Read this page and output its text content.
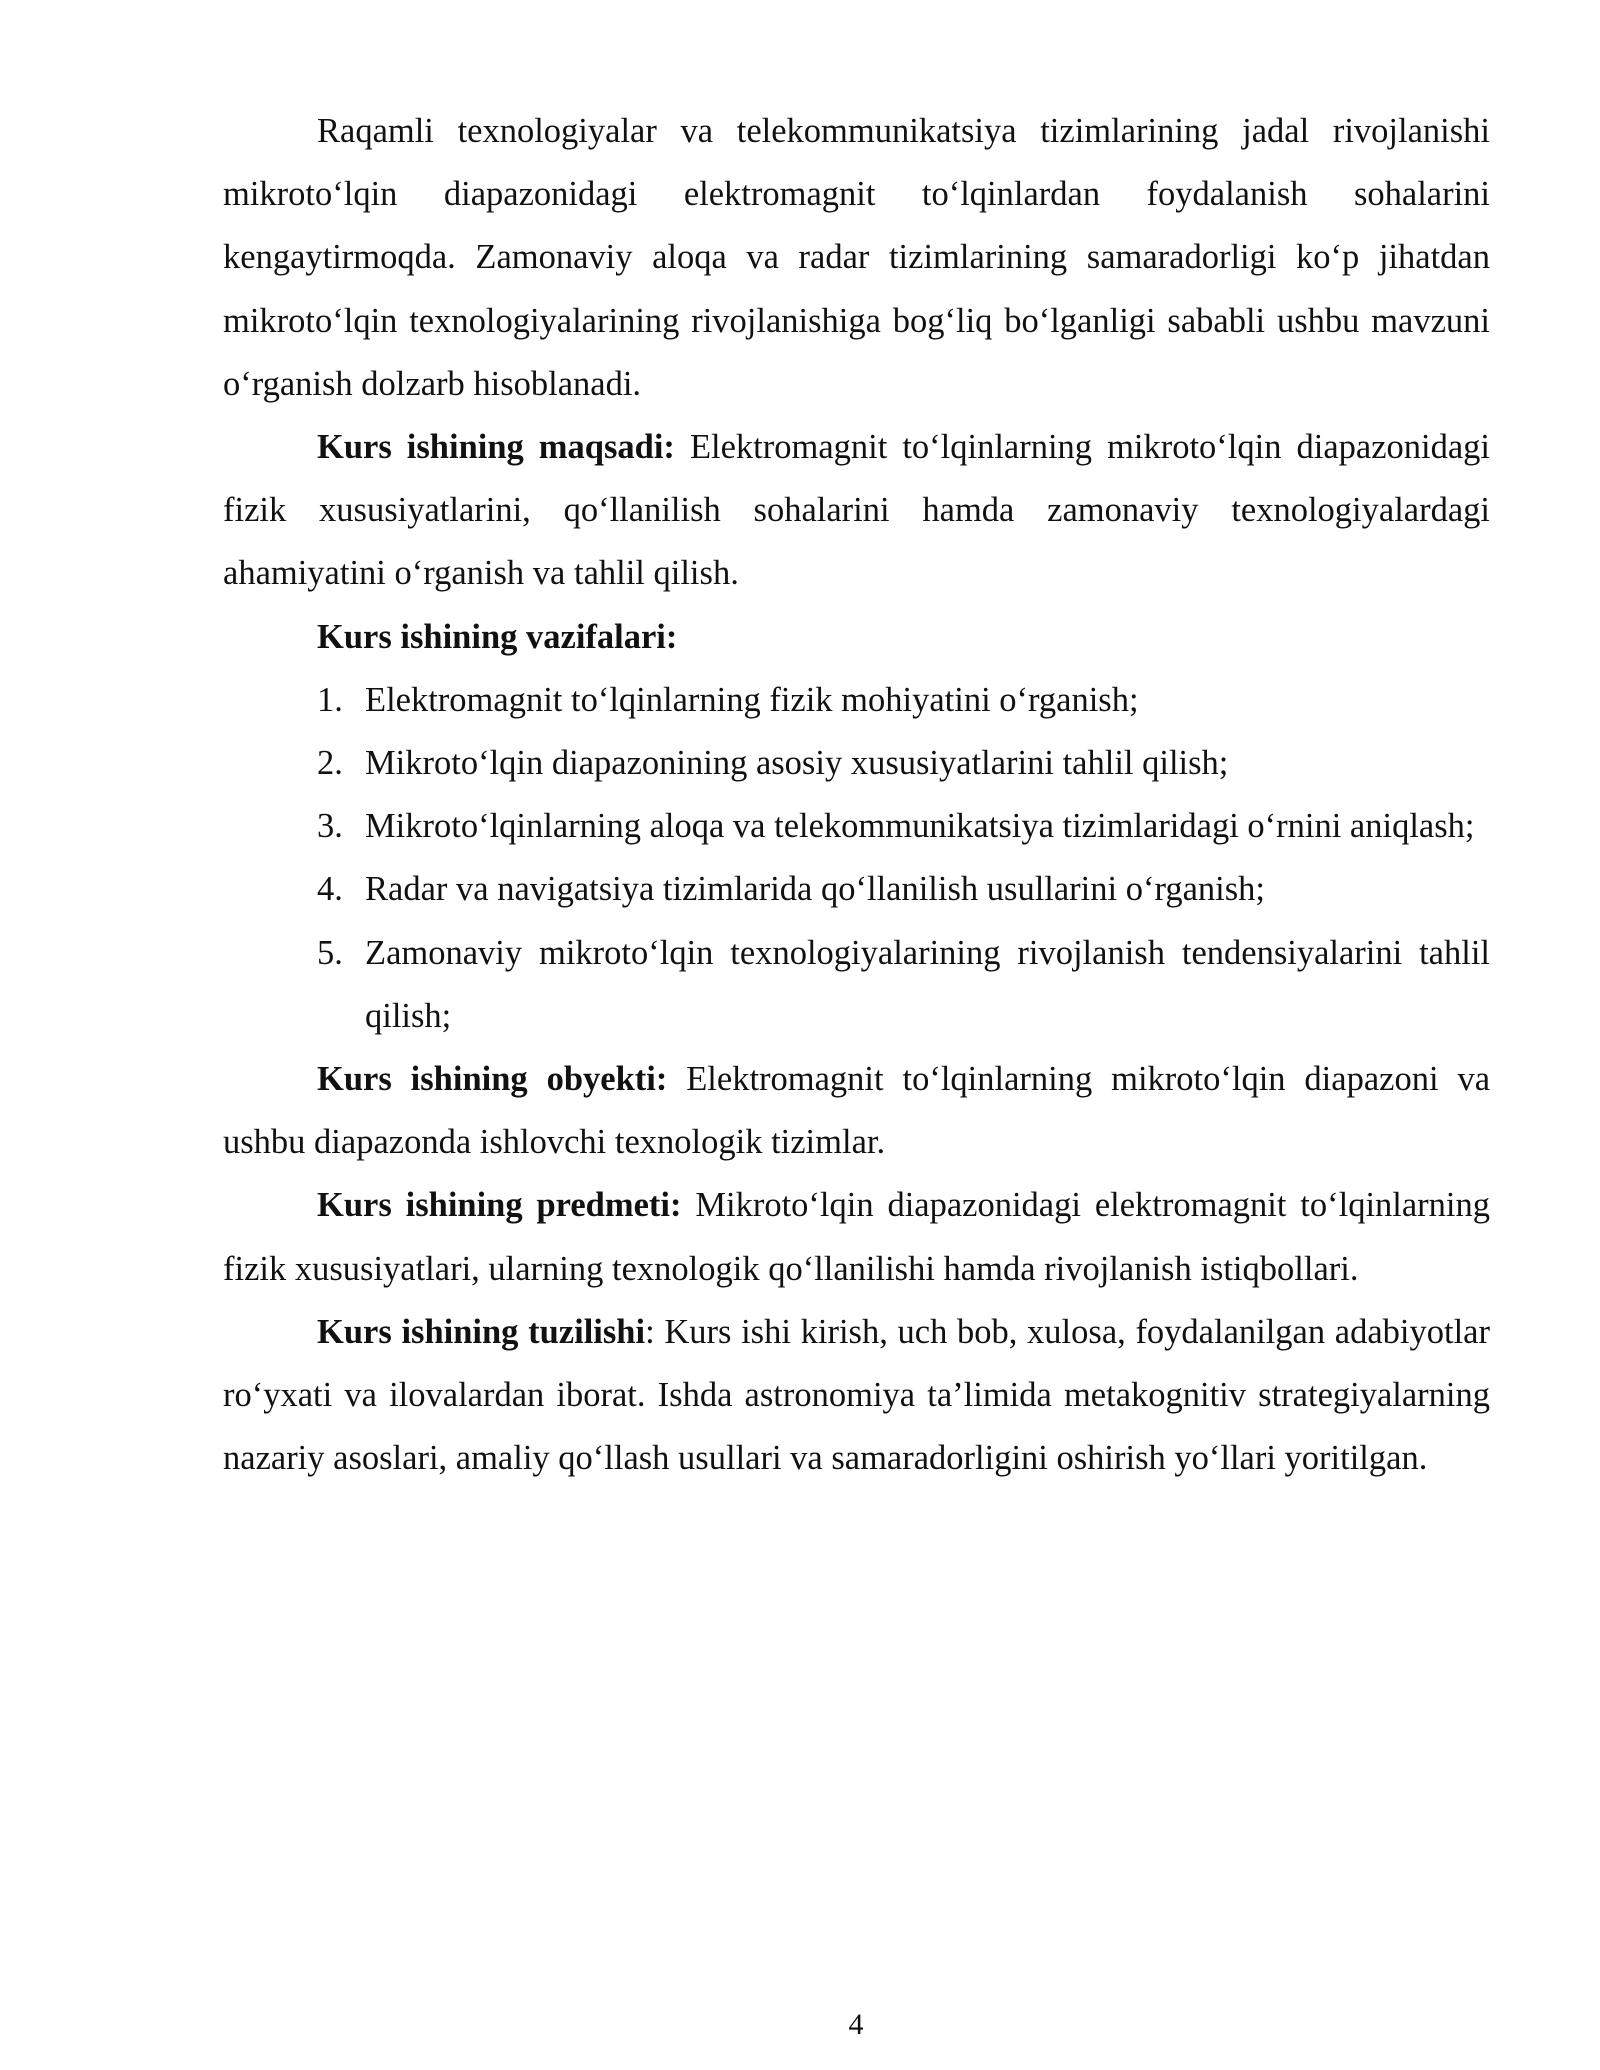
Raqamli texnologiyalar va telekommunikatsiya tizimlarining jadal rivojlanishi mikrotoʻlqin diapazonidagi elektromagnit toʻlqinlardan foydalanish sohalarini kengaytirmoqda. Zamonaviy aloqa va radar tizimlarining samaradorligi koʻp jihatdan mikrotoʻlqin texnologiyalarining rivojlanishiga bogʻliq boʻlganligi sababli ushbu mavzuni oʻrganish dolzarb hisoblanadi.

Kurs ishining maqsadi: Elektromagnit toʻlqinlarning mikrotoʻlqin diapazonidagi fizik xususiyatlarini, qoʻllanilish sohalarini hamda zamonaviy texnologiyalardagi ahamiyatini oʻrganish va tahlil qilish.

Kurs ishining vazifalari:

1. Elektromagnit toʻlqinlarning fizik mohiyatini oʻrganish;
2. Mikrotoʻlqin diapazonining asosiy xususiyatlarini tahlil qilish;
3. Mikrotoʻlqinlarning aloqa va telekommunikatsiya tizimlaridagi oʻrnini aniqlash;
4. Radar va navigatsiya tizimlarida qoʻllanilish usullarini oʻrganish;
5. Zamonaviy mikrotoʻlqin texnologiyalarining rivojlanish tendensiyalarini tahlil qilish;

Kurs ishining obyekti: Elektromagnit toʻlqinlarning mikrotoʻlqin diapazoni va ushbu diapazonda ishlovchi texnologik tizimlar.

Kurs ishining predmeti: Mikrotoʻlqin diapazonidagi elektromagnit toʻlqinlarning fizik xususiyatlari, ularning texnologik qoʻllanilishi hamda rivojlanish istiqbollari.

Kurs ishining tuzilishi: Kurs ishi kirish, uch bob, xulosa, foydalanilgan adabiyotlar roʻyxati va ilovalardan iborat. Ishda astronomiya ta’limida metakognitiv strategiyalarning nazariy asoslari, amaliy qoʻllash usullari va samaradorligini oshirish yoʻllari yoritilgan.

4
